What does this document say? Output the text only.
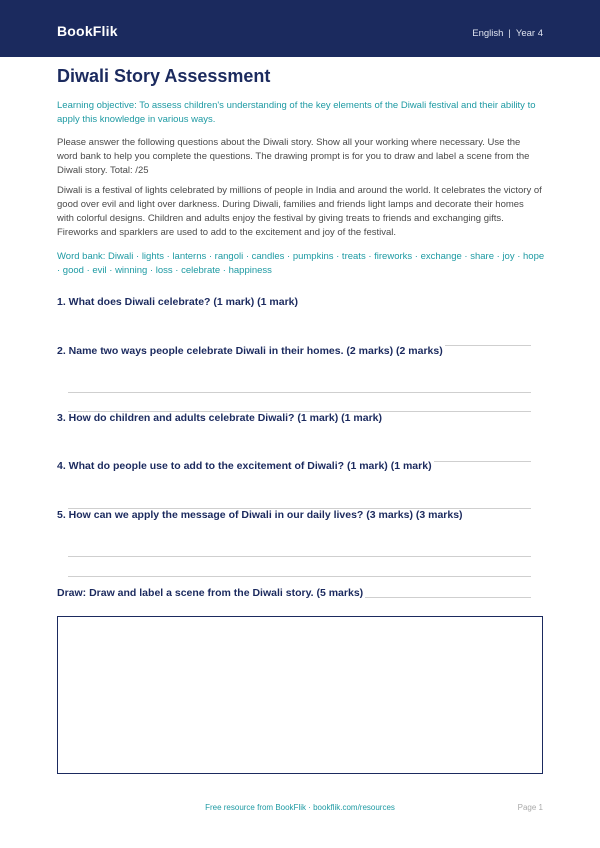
BookFlik	English | Year 4
Diwali Story Assessment
Learning objective: To assess children's understanding of the key elements of the Diwali festival and their ability to apply this knowledge in various ways.
Please answer the following questions about the Diwali story. Show all your working where necessary. Use the word bank to help you complete the questions. The drawing prompt is for you to draw and label a scene from the Diwali story. Total: /25
Diwali is a festival of lights celebrated by millions of people in India and around the world. It celebrates the victory of good over evil and light over darkness. During Diwali, families and friends light lamps and decorate their homes with colorful designs. Children and adults enjoy the festival by giving treats to friends and exchanging gifts. Fireworks and sparklers are used to add to the excitement and joy of the festival.
Word bank: Diwali · lights · lanterns · rangoli · candles · pumpkins · treats · fireworks · exchange · share · joy · hope · good · evil · winning · loss · celebrate · happiness
1. What does Diwali celebrate? (1 mark) (1 mark)
2. Name two ways people celebrate Diwali in their homes. (2 marks) (2 marks)
3. How do children and adults celebrate Diwali? (1 mark) (1 mark)
4. What do people use to add to the excitement of Diwali? (1 mark) (1 mark)
5. How can we apply the message of Diwali in our daily lives? (3 marks) (3 marks)
Draw: Draw and label a scene from the Diwali story. (5 marks)
Free resource from BookFlik · bookflik.com/resources	Page 1
